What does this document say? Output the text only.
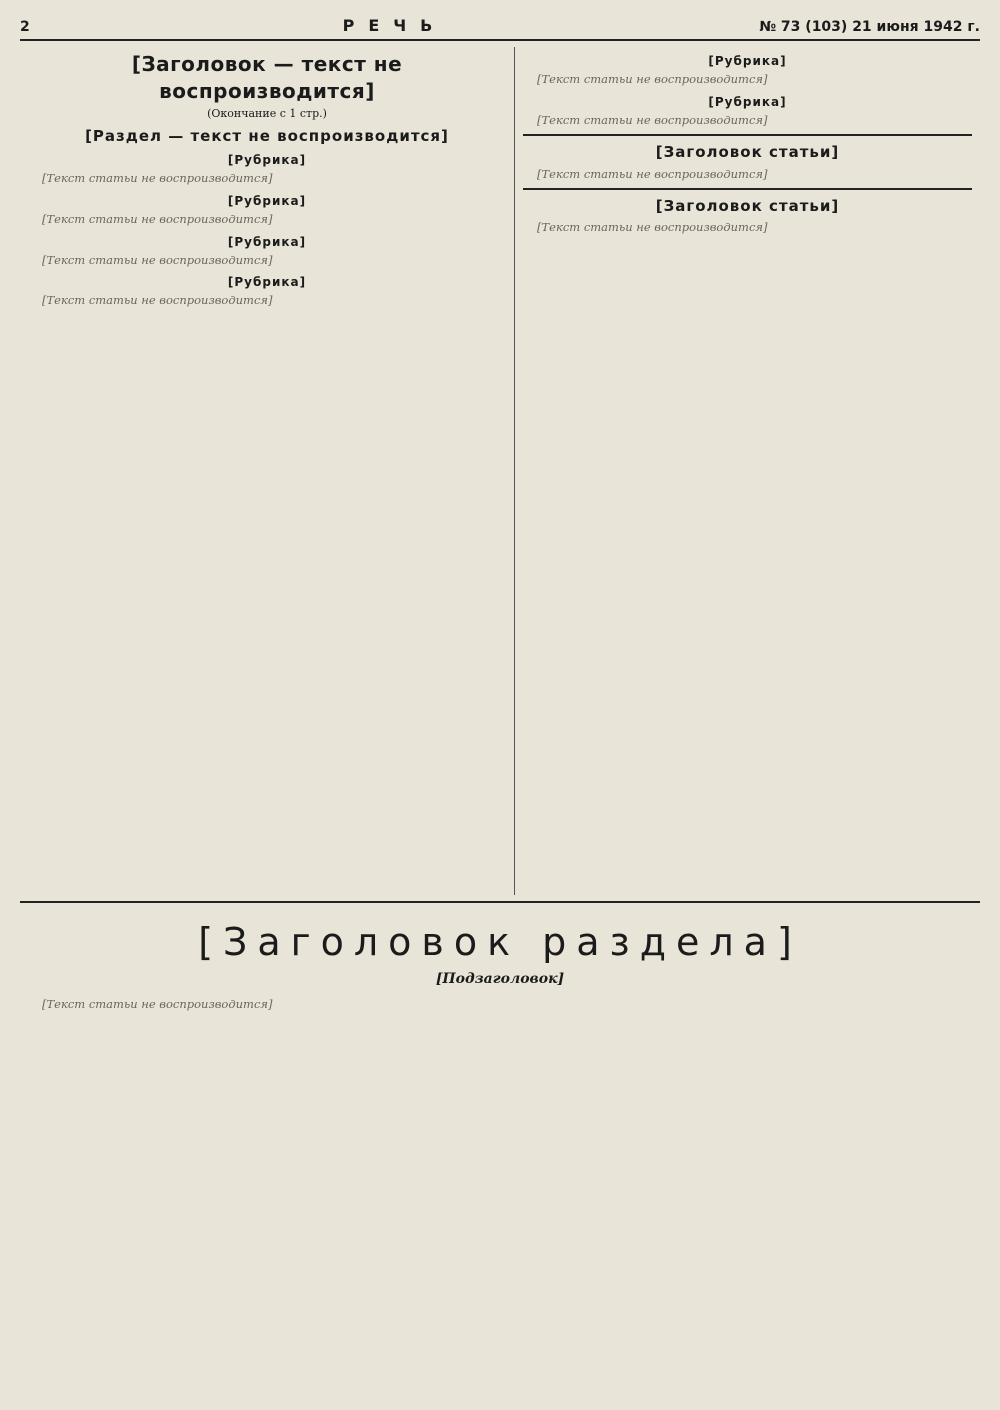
2	РЕЧЬ	№ 73 (103) 21 июня 1942 г.
[Заголовок — текст не воспроизводится]
(Окончание с 1 стр.)
[Раздел — текст не воспроизводится]
[Рубрика]

[Текст статьи не воспроизводится]

[Рубрика]

[Текст статьи не воспроизводится]

[Рубрика]

[Текст статьи не воспроизводится]

[Рубрика]

[Текст статьи не воспроизводится]

[Рубрика]

[Текст статьи не воспроизводится]

[Рубрика]

[Текст статьи не воспроизводится]

[Заголовок статьи]

[Текст статьи не воспроизводится]

[Заголовок статьи]

[Текст статьи не воспроизводится]

[Заголовок раздела]
[Подзаголовок]

[Текст статьи не воспроизводится]
